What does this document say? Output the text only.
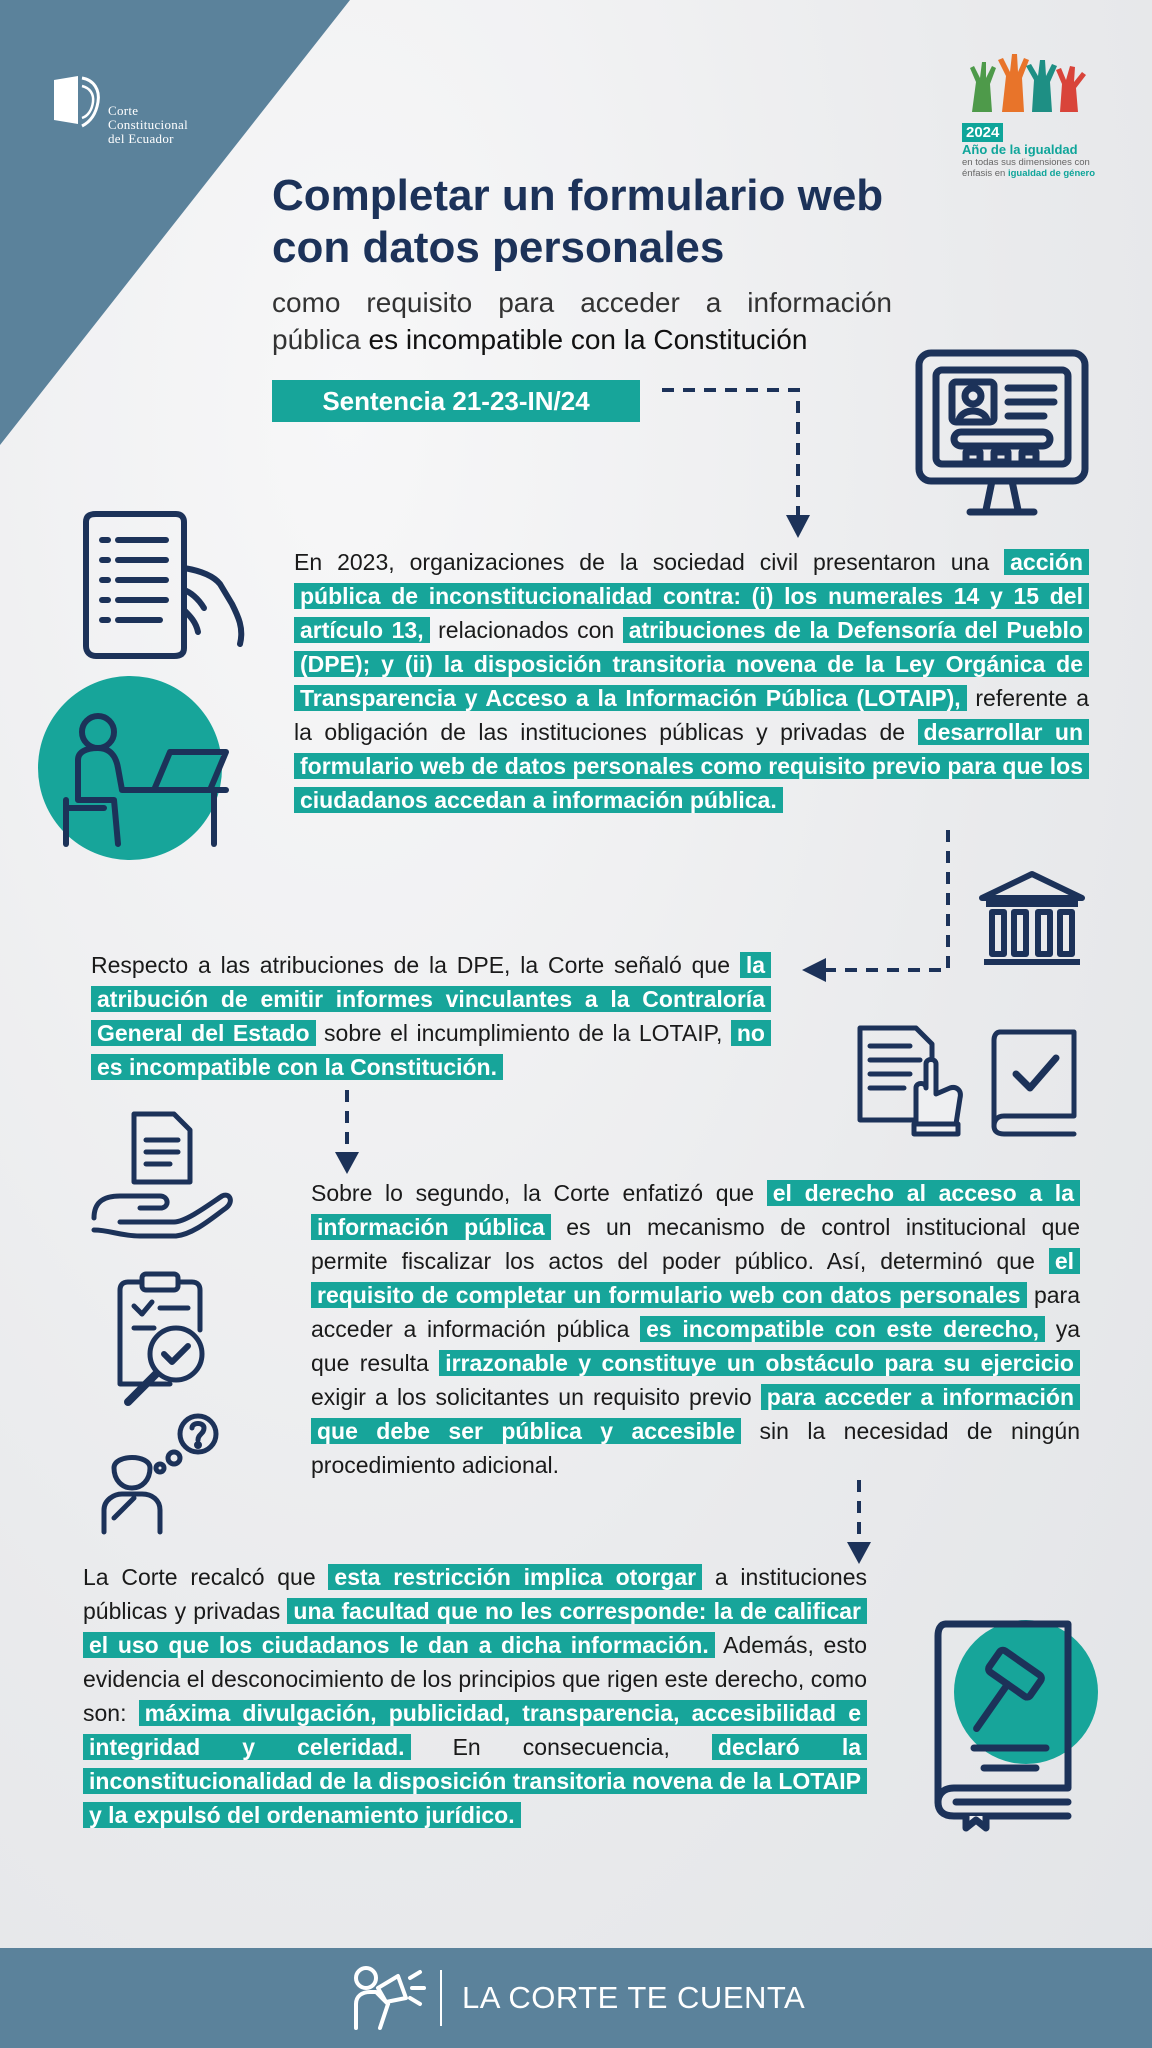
Corte
Constitucional
del Ecuador	2024
Año de la igualdad
en todas sus dimensiones con
énfasis en igualdad de género
Completar un formulario web con datos personales
como requisito para acceder a información pública es incompatible con la Constitución
Sentencia 21-23-IN/24
En 2023, organizaciones de la sociedad civil presentaron una acción pública de inconstitucionalidad contra: (i) los numerales 14 y 15 del artículo 13, relacionados con atribuciones de la Defensoría del Pueblo (DPE); y (ii) la disposición transitoria novena de la Ley Orgánica de Transparencia y Acceso a la Información Pública (LOTAIP), referente a la obligación de las instituciones públicas y privadas de desarrollar un formulario web de datos personales como requisito previo para que los ciudadanos accedan a información pública.
Respecto a las atribuciones de la DPE, la Corte señaló que la atribución de emitir informes vinculantes a la Contraloría General del Estado sobre el incumplimiento de la LOTAIP, no es incompatible con la Constitución.
Sobre lo segundo, la Corte enfatizó que el derecho al acceso a la información pública es un mecanismo de control institucional que permite fiscalizar los actos del poder público. Así, determinó que el requisito de completar un formulario web con datos personales para acceder a información pública es incompatible con este derecho, ya que resulta irrazonable y constituye un obstáculo para su ejercicio exigir a los solicitantes un requisito previo para acceder a información que debe ser pública y accesible sin la necesidad de ningún procedimiento adicional.
La Corte recalcó que esta restricción implica otorgar a instituciones públicas y privadas una facultad que no les corresponde: la de calificar el uso que los ciudadanos le dan a dicha información. Además, esto evidencia el desconocimiento de los principios que rigen este derecho, como son: máxima divulgación, publicidad, transparencia, accesibilidad e integridad y celeridad. En consecuencia, declaró la inconstitucionalidad de la disposición transitoria novena de la LOTAIP y la expulsó del ordenamiento jurídico.
LA CORTE TE CUENTA
